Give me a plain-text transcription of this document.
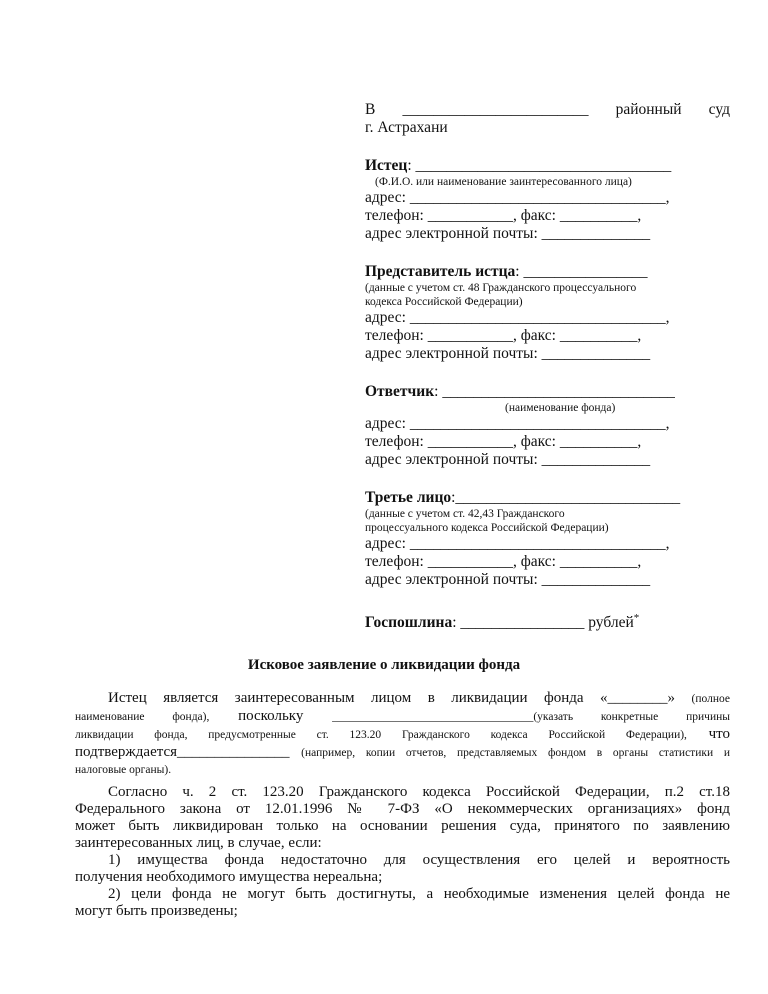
В ________________________ районный суд
г. Астрахани
Истец: _________________________________
(Ф.И.О. или наименование заинтересованного лица)
адрес: _________________________________,
телефон: ___________, факс: __________,
адрес электронной почты: ______________
Представитель истца: ________________
(данные с учетом ст. 48 Гражданского процессуального
кодекса Российской Федерации)
адрес: _________________________________,
телефон: ___________, факс: __________,
адрес электронной почты: ______________
Ответчик: ______________________________
(наименование фонда)
адрес: _________________________________,
телефон: ___________, факс: __________,
адрес электронной почты: ______________
Третье лицо:_____________________________
(данные с учетом ст. 42,43 Гражданского
процессуального кодекса Российской Федерации)
адрес: _________________________________,
телефон: ___________, факс: __________,
адрес электронной почты: ______________
Госпошлина: ________________ рублей*
Исковое заявление о ликвидации фонда
Истец является заинтересованным лицом в ликвидации фонда «________» (полное
наименование фонда), поскольку ___________________________________(указать конкретные причины
ликвидации фонда, предусмотренные ст. 123.20 Гражданского кодекса Российской Федерации), что
подтверждается_______________ (например, копии отчетов, представляемых фондом в органы статистики и
налоговые органы).
Согласно ч. 2 ст. 123.20 Гражданского кодекса Российской Федерации, п.2 ст.18
Федерального закона от 12.01.1996 № 7-ФЗ «О некоммерческих организациях» фонд
может быть ликвидирован только на основании решения суда, принятого по заявлению
заинтересованных лиц, в случае, если:
1) имущества фонда недостаточно для осуществления его целей и вероятность
получения необходимого имущества нереальна;
2) цели фонда не могут быть достигнуты, а необходимые изменения целей фонда не
могут быть произведены;
